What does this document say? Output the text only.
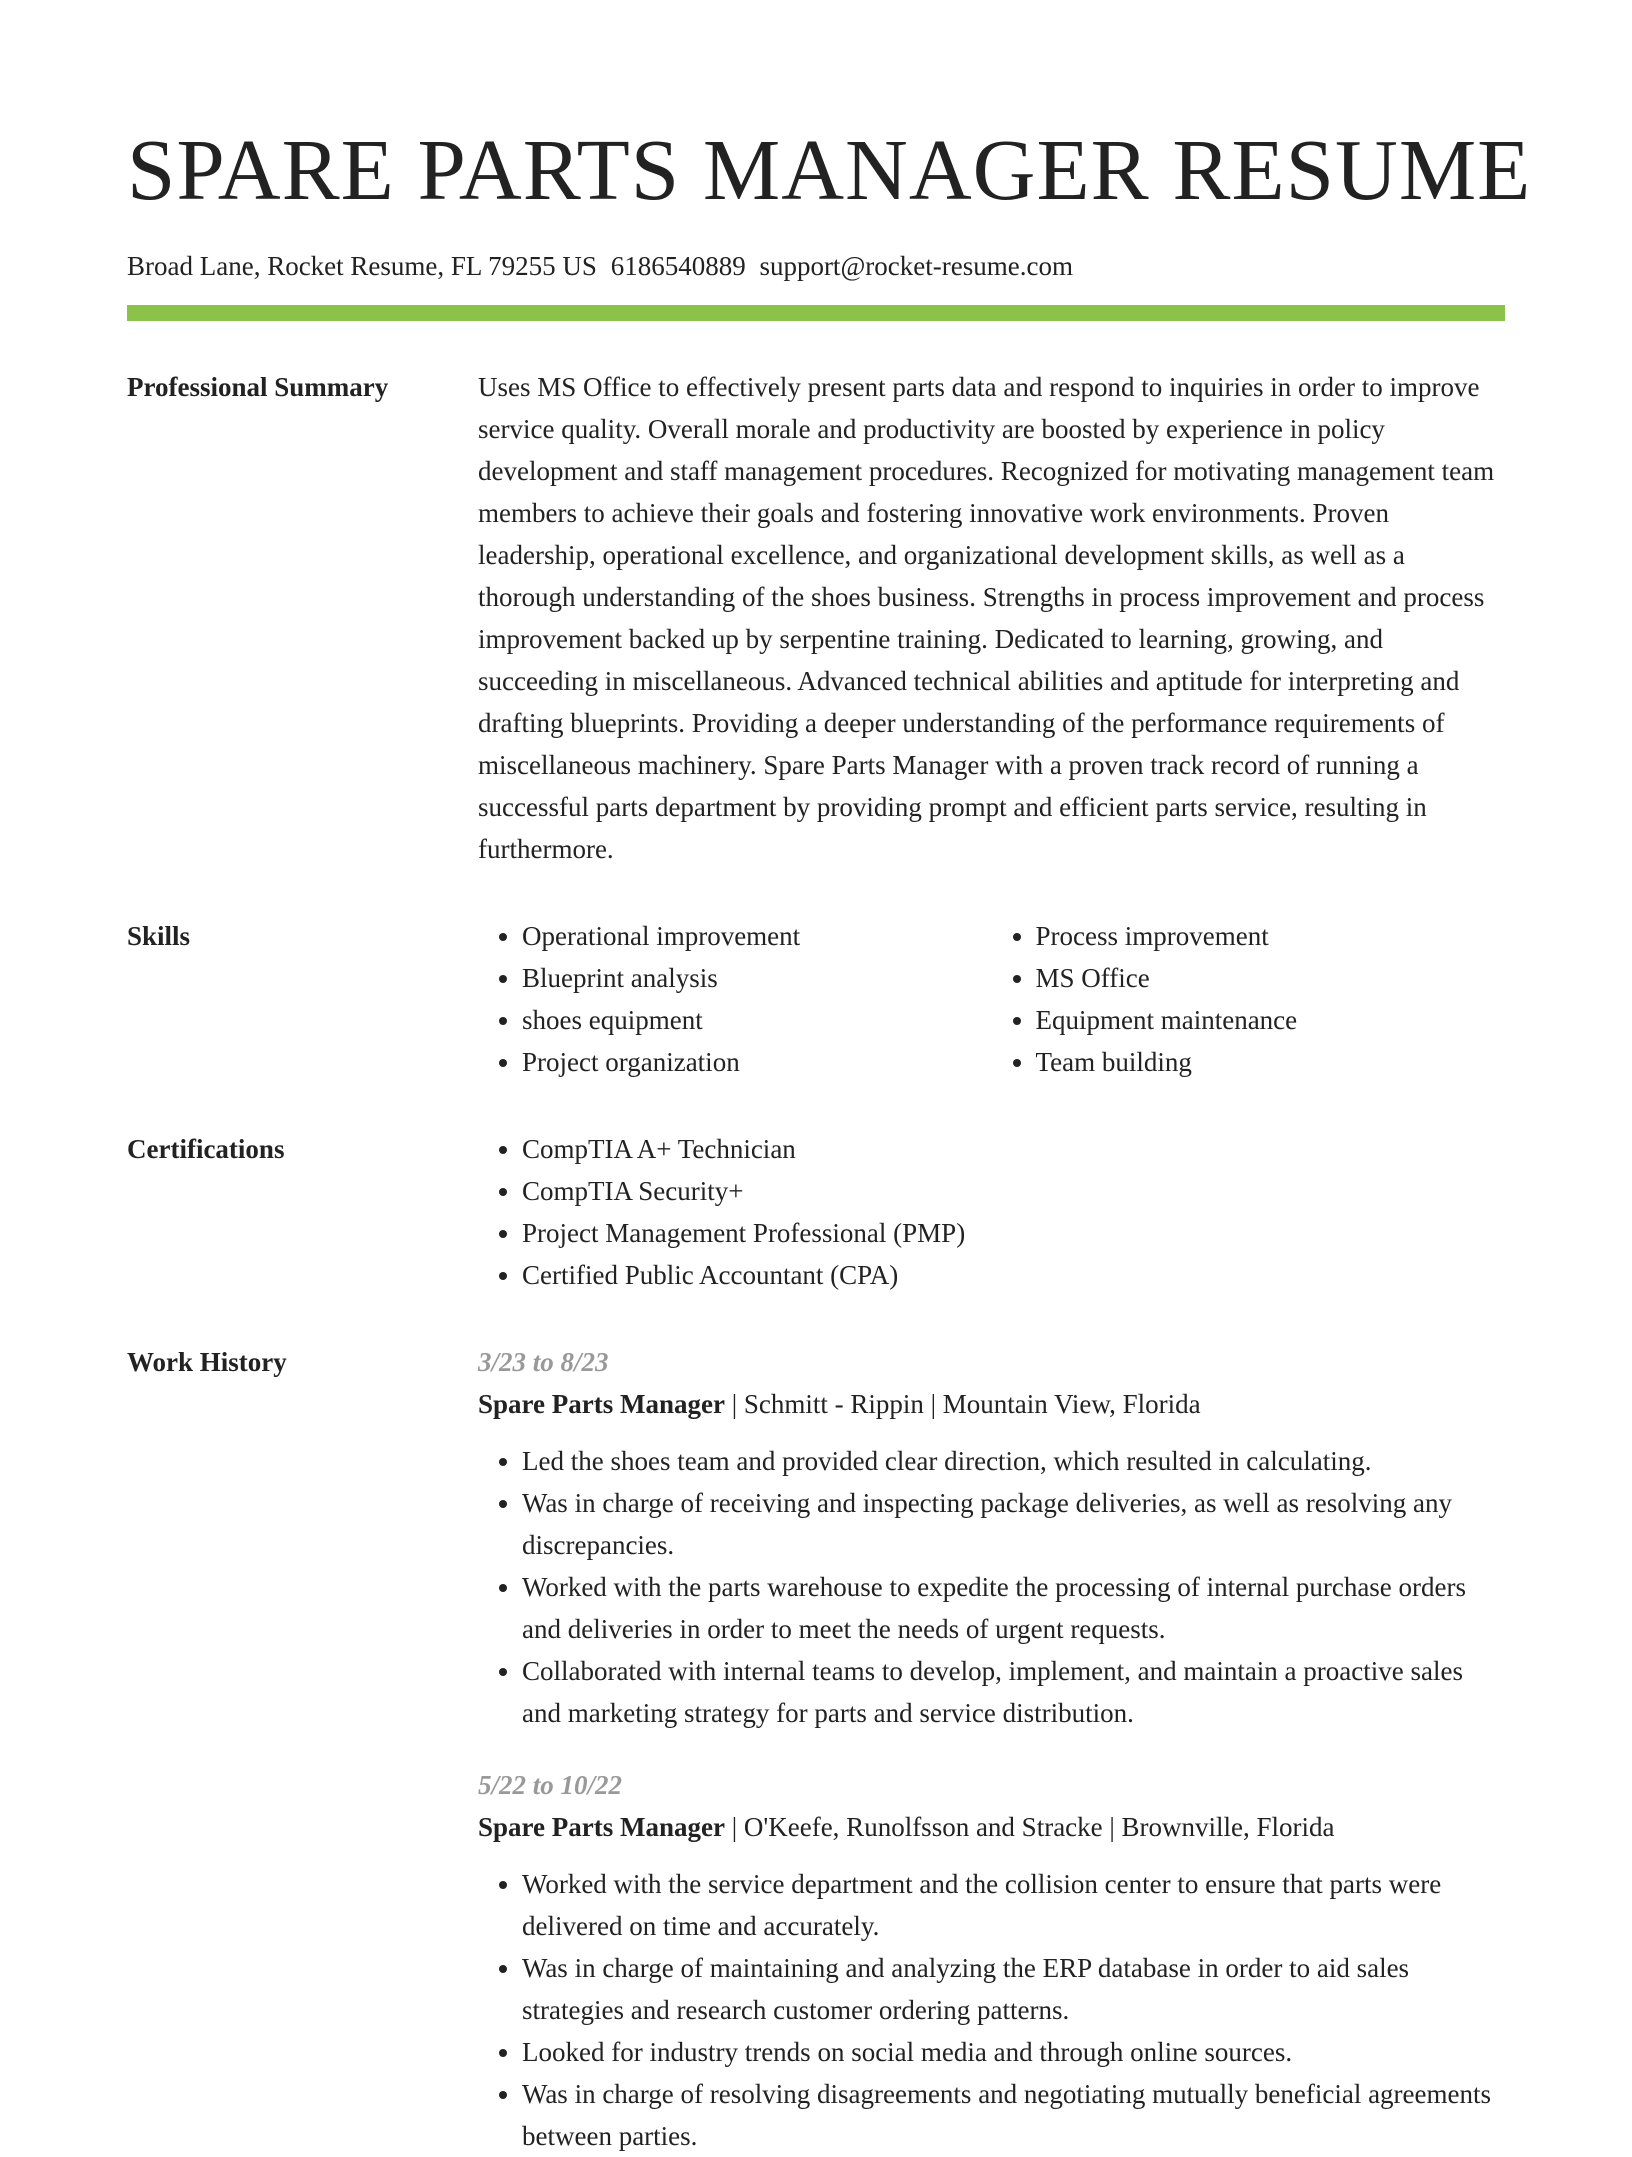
SPARE PARTS MANAGER RESUME
Broad Lane, Rocket Resume, FL 79255 US 6186540889 support@rocket-resume.com
Professional Summary	Uses MS Office to effectively present parts data and respond to inquiries in order to improve service quality. Overall morale and productivity are boosted by experience in policy development and staff management procedures. Recognized for motivating management team members to achieve their goals and fostering innovative work environments. Proven leadership, operational excellence, and organizational development skills, as well as a thorough understanding of the shoes business. Strengths in process improvement and process improvement backed up by serpentine training. Dedicated to learning, growing, and succeeding in miscellaneous. Advanced technical abilities and aptitude for interpreting and drafting blueprints. Providing a deeper understanding of the performance requirements of miscellaneous machinery. Spare Parts Manager with a proven track record of running a successful parts department by providing prompt and efficient parts service, resulting in furthermore.

Skills	• Operational improvement
• Blueprint analysis
• shoes equipment
• Project organization
• Process improvement
• MS Office
• Equipment maintenance
• Team building
Certifications	• CompTIA A+ Technician
• CompTIA Security+
• Project Management Professional (PMP)
• Certified Public Accountant (CPA)
Work History	3/23 to 8/23
Spare Parts Manager | Schmitt - Rippin | Mountain View, Florida
• Led the shoes team and provided clear direction, which resulted in calculating.
• Was in charge of receiving and inspecting package deliveries, as well as resolving any discrepancies.
• Worked with the parts warehouse to expedite the processing of internal purchase orders and deliveries in order to meet the needs of urgent requests.
• Collaborated with internal teams to develop, implement, and maintain a proactive sales and marketing strategy for parts and service distribution.
5/22 to 10/22
Spare Parts Manager | O'Keefe, Runolfsson and Stracke | Brownville, Florida
• Worked with the service department and the collision center to ensure that parts were delivered on time and accurately.
• Was in charge of maintaining and analyzing the ERP database in order to aid sales strategies and research customer ordering patterns.
• Looked for industry trends on social media and through online sources.
• Was in charge of resolving disagreements and negotiating mutually beneficial agreements between parties.
